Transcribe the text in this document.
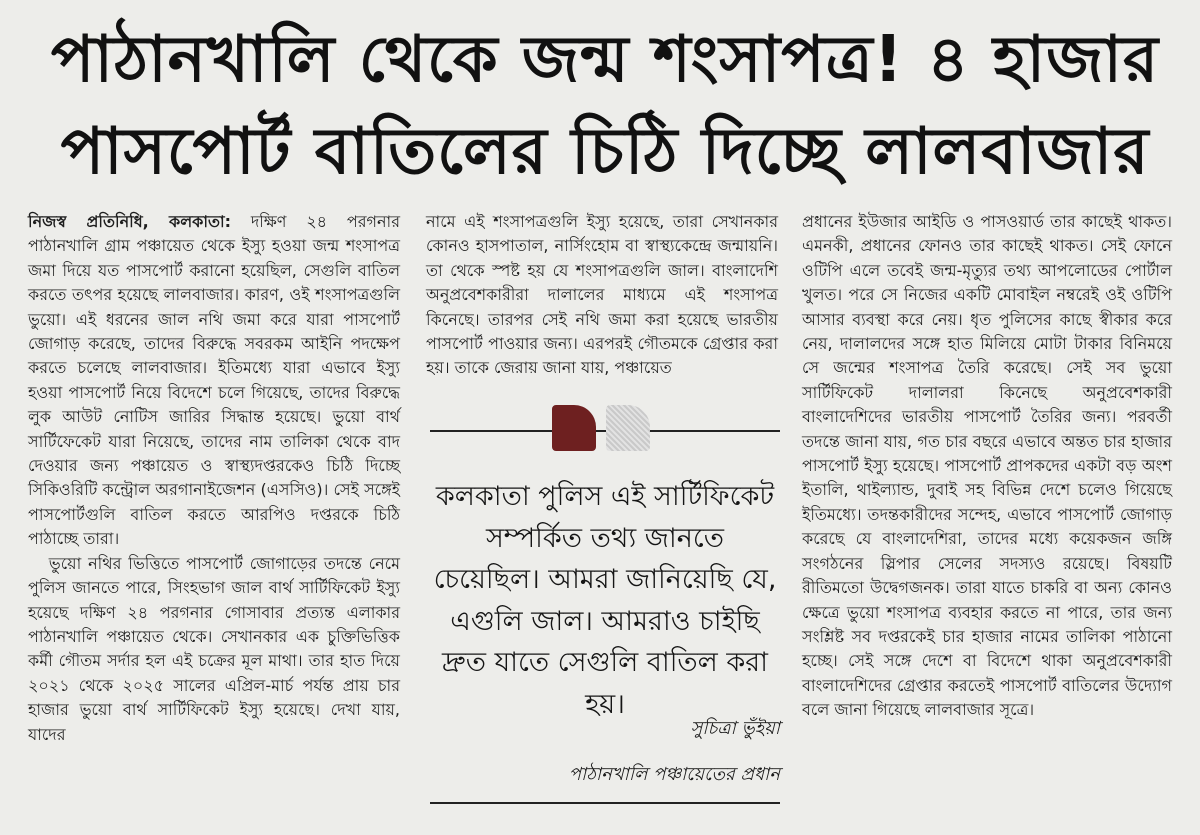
পাঠানখালি থেকে জন্ম শংসাপত্র! ৪ হাজার
পাসপোর্ট বাতিলের চিঠি দিচ্ছে লালবাজার

নিজস্ব প্রতিনিধি, কলকাতা: দক্ষিণ ২৪ পরগনার পাঠানখালি গ্রাম পঞ্চায়েত থেকে ইস্যু হওয়া জন্ম শংসাপত্র জমা দিয়ে যত পাসপোর্ট করানো হয়েছিল, সেগুলি বাতিল করতে তৎপর হয়েছে লালবাজার। কারণ, ওই শংসাপত্রগুলি ভুয়ো। এই ধরনের জাল নথি জমা করে যারা পাসপোর্ট জোগাড় করেছে, তাদের বিরুদ্ধে সবরকম আইনি পদক্ষেপ করতে চলেছে লালবাজার। ইতিমধ্যে যারা এভাবে ইস্যু হওয়া পাসপোর্ট নিয়ে বিদেশে চলে গিয়েছে, তাদের বিরুদ্ধে লুক আউট নোটিস জারির সিদ্ধান্ত হয়েছে। ভুয়ো বার্থ সার্টিফেকেট যারা নিয়েছে, তাদের নাম তালিকা থেকে বাদ দেওয়ার জন্য পঞ্চায়েত ও স্বাস্থ্যদপ্তরকেও চিঠি দিচ্ছে সিকিওরিটি কন্ট্রোল অরগানাইজেশন (এসসিও)। সেই সঙ্গেই পাসপোর্টগুলি বাতিল করতে আরপিও দপ্তরকে চিঠি পাঠাচ্ছে তারা।

ভুয়ো নথির ভিত্তিতে পাসপোর্ট জোগাড়ের তদন্তে নেমে পুলিস জানতে পারে, সিংহভাগ জাল বার্থ সার্টিফিকেট ইস্যু হয়েছে দক্ষিণ ২৪ পরগনার গোসাবার প্রত্যন্ত এলাকার পাঠানখালি পঞ্চায়েত থেকে। সেখানকার এক চুক্তিভিত্তিক কর্মী গৌতম সর্দার হল এই চক্রের মূল মাথা। তার হাত দিয়ে ২০২১ থেকে ২০২৫ সালের এপ্রিল-মার্চ পর্যন্ত প্রায় চার হাজার ভুয়ো বার্থ সার্টিফিকেট ইস্যু হয়েছে। দেখা যায়, যাদের

নামে এই শংসাপত্রগুলি ইস্যু হয়েছে, তারা সেখানকার কোনও হাসপাতাল, নার্সিংহোম বা স্বাস্থ্যকেন্দ্রে জন্মায়নি। তা থেকে স্পষ্ট হয় যে শংসাপত্রগুলি জাল। বাংলাদেশি অনুপ্রবেশকারীরা দালালের মাধ্যমে এই শংসাপত্র কিনেছে। তারপর সেই নথি জমা করা হয়েছে ভারতীয় পাসপোর্ট পাওয়ার জন্য। এরপরই গৌতমকে গ্রেপ্তার করা হয়। তাকে জেরায় জানা যায়, পঞ্চায়েত

কলকাতা পুলিস এই সার্টিফিকেট সম্পর্কিত তথ্য জানতে চেয়েছিল। আমরা জানিয়েছি যে, এগুলি জাল। আমরাও চাইছি দ্রুত যাতে সেগুলি বাতিল করা হয়।
সুচিত্রা ভুঁইয়া
পাঠানখালি পঞ্চায়েতের প্রধান

প্রধানের ইউজার আইডি ও পাসওয়ার্ড তার কাছেই থাকত। এমনকী, প্রধানের ফোনও তার কাছেই থাকত। সেই ফোনে ওটিপি এলে তবেই জন্ম-মৃত্যুর তথ্য আপলোডের পোর্টাল খুলত। পরে সে নিজের একটি মোবাইল নম্বরেই ওই ওটিপি আসার ব্যবস্থা করে নেয়। ধৃত পুলিসের কাছে স্বীকার করে নেয়, দালালদের সঙ্গে হাত মিলিয়ে মোটা টাকার বিনিময়ে সে জন্মের শংসাপত্র তৈরি করেছে। সেই সব ভুয়ো সার্টিফিকেট দালালরা কিনেছে অনুপ্রবেশকারী বাংলাদেশিদের ভারতীয় পাসপোর্ট তৈরির জন্য। পরবর্তী তদন্তে জানা যায়, গত চার বছরে এভাবে অন্তত চার হাজার পাসপোর্ট ইস্যু হয়েছে। পাসপোর্ট প্রাপকদের একটা বড় অংশ ইতালি, থাইল্যান্ড, দুবাই সহ বিভিন্ন দেশে চলেও গিয়েছে ইতিমধ্যে। তদন্তকারীদের সন্দেহ, এভাবে পাসপোর্ট জোগাড় করেছে যে বাংলাদেশিরা, তাদের মধ্যে কয়েকজন জঙ্গি সংগঠনের স্লিপার সেলের সদস্যও রয়েছে। বিষয়টি রীতিমতো উদ্বেগজনক। তারা যাতে চাকরি বা অন্য কোনও ক্ষেত্রে ভুয়ো শংসাপত্র ব্যবহার করতে না পারে, তার জন্য সংশ্লিষ্ট সব দপ্তরকেই চার হাজার নামের তালিকা পাঠানো হচ্ছে। সেই সঙ্গে দেশে বা বিদেশে থাকা অনুপ্রবেশকারী বাংলাদেশিদের গ্রেপ্তার করতেই পাসপোর্ট বাতিলের উদ্যোগ বলে জানা গিয়েছে লালবাজার সূত্রে।
